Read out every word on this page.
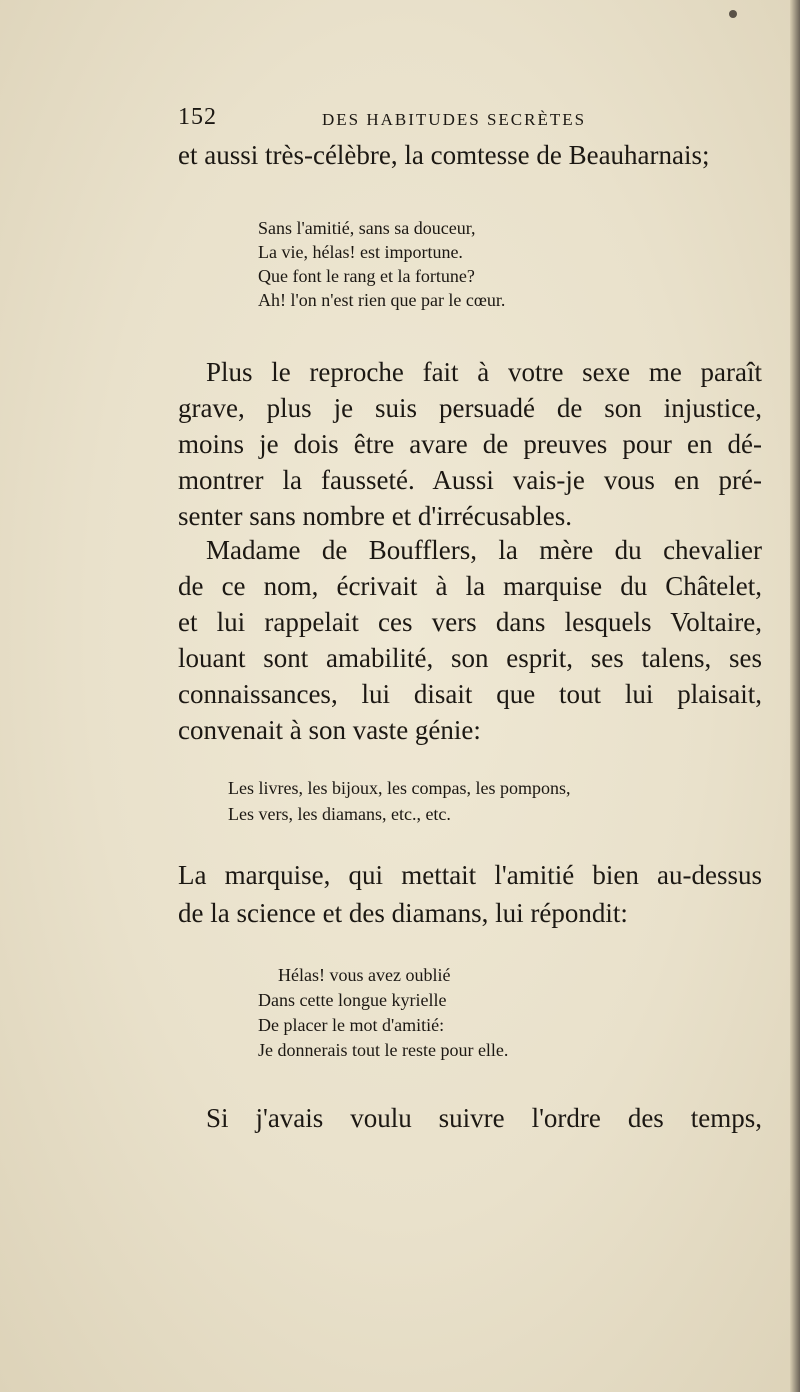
152	DES HABITUDES SECRÈTES
et aussi très-célèbre, la comtesse de Beauharnais;
Sans l'amitié, sans sa douceur,
La vie, hélas! est importune.
Que font le rang et la fortune?
Ah! l'on n'est rien que par le cœur.
Plus le reproche fait à votre sexe me paraît
grave, plus je suis persuadé de son injustice,
moins je dois être avare de preuves pour en dé-
montrer la fausseté. Aussi vais-je vous en pré-
senter sans nombre et d'irrécusables.
Madame de Boufflers, la mère du chevalier
de ce nom, écrivait à la marquise du Châtelet,
et lui rappelait ces vers dans lesquels Voltaire,
louant sont amabilité, son esprit, ses talens, ses
connaissances, lui disait que tout lui plaisait,
convenait à son vaste génie:
Les livres, les bijoux, les compas, les pompons,
Les vers, les diamans, etc., etc.
La marquise, qui mettait l'amitié bien au-dessus
de la science et des diamans, lui répondit:
Hélas! vous avez oublié
Dans cette longue kyrielle
De placer le mot d'amitié:
Je donnerais tout le reste pour elle.
Si j'avais voulu suivre l'ordre des temps,
